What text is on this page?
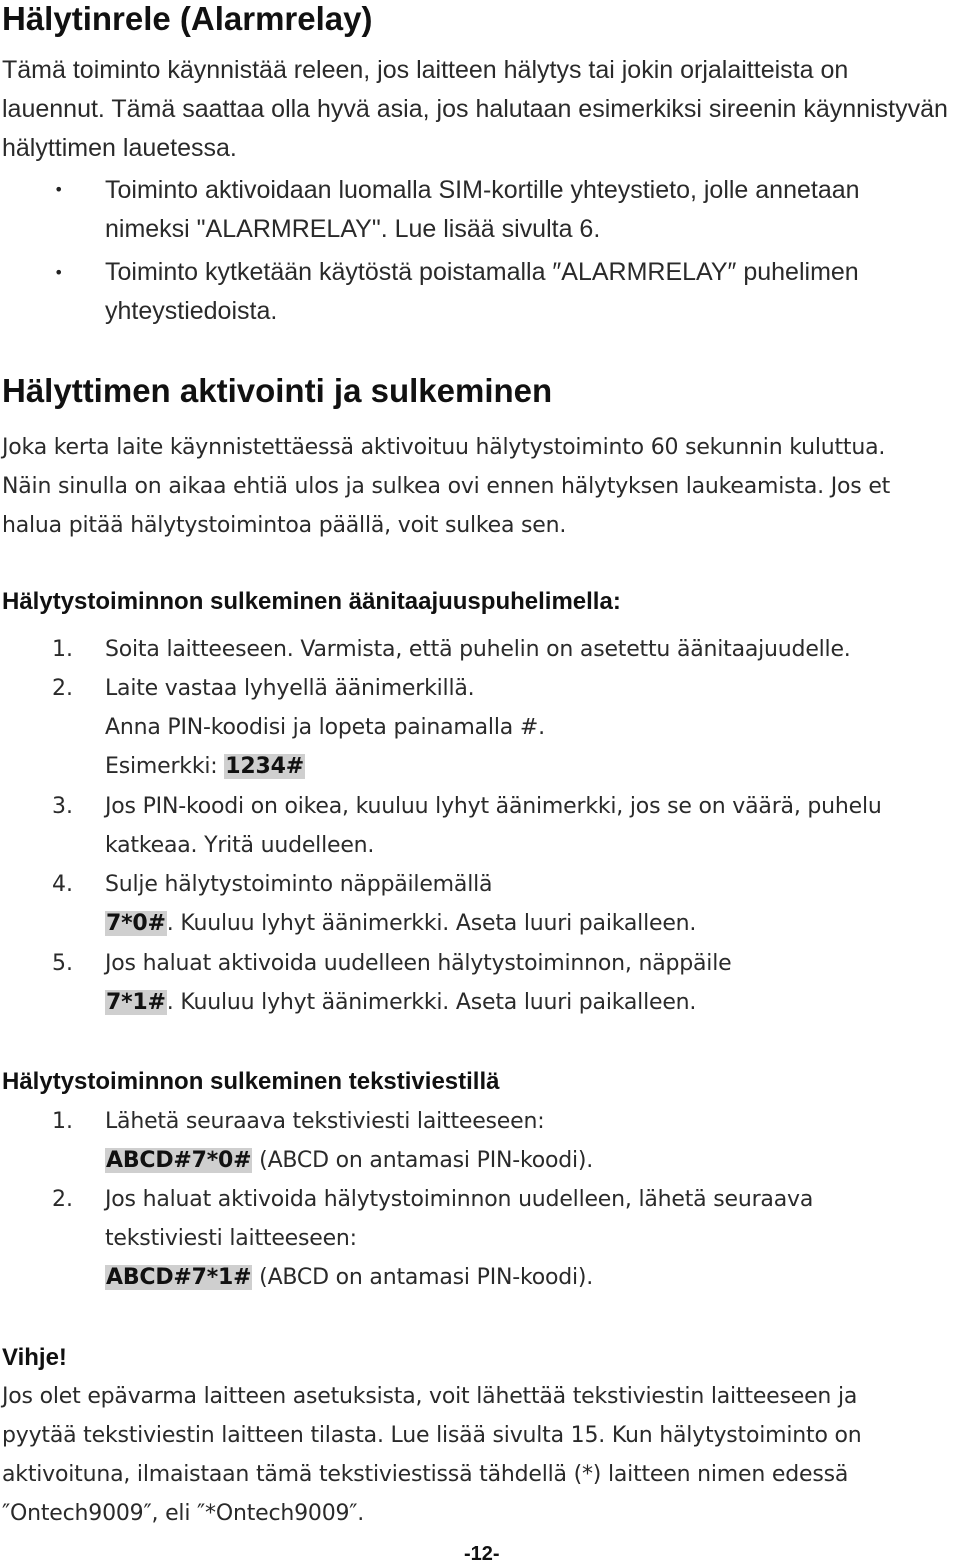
Hälytinrele (Alarmrelay)
Tämä toiminto käynnistää releen, jos laitteen hälytys tai jokin orjalaitteista on
lauennut. Tämä saattaa olla hyvä asia, jos halutaan esimerkiksi sireenin käynnistyvän
hälyttimen lauetessa.
• Toiminto aktivoidaan luomalla SIM-kortille yhteystieto, jolle annetaan
nimeksi "ALARMRELAY". Lue lisää sivulta 6.
• Toiminto kytketään käytöstä poistamalla ″ALARMRELAY″ puhelimen
yhteystiedoista.
Hälyttimen aktivointi ja sulkeminen
Joka kerta laite käynnistettäessä aktivoituu hälytystoiminto 60 sekunnin kuluttua.
Näin sinulla on aikaa ehtiä ulos ja sulkea ovi ennen hälytyksen laukeamista. Jos et
halua pitää hälytystoimintoa päällä, voit sulkea sen.
Hälytystoiminnon sulkeminen äänitaajuuspuhelimella:
1. Soita laitteeseen. Varmista, että puhelin on asetettu äänitaajuudelle.
2. Laite vastaa lyhyellä äänimerkillä.
Anna PIN-koodisi ja lopeta painamalla #.
Esimerkki: 1234#
3. Jos PIN-koodi on oikea, kuuluu lyhyt äänimerkki, jos se on väärä, puhelu
katkeaa. Yritä uudelleen.
4. Sulje hälytystoiminto näppäilemällä
7*0#. Kuuluu lyhyt äänimerkki. Aseta luuri paikalleen.
5. Jos haluat aktivoida uudelleen hälytystoiminnon, näppäile
7*1#. Kuuluu lyhyt äänimerkki. Aseta luuri paikalleen.
Hälytystoiminnon sulkeminen tekstiviestillä
1. Lähetä seuraava tekstiviesti laitteeseen:
ABCD#7*0# (ABCD on antamasi PIN-koodi).
2. Jos haluat aktivoida hälytystoiminnon uudelleen, lähetä seuraava
tekstiviesti laitteeseen:
ABCD#7*1# (ABCD on antamasi PIN-koodi).
Vihje!
Jos olet epävarma laitteen asetuksista, voit lähettää tekstiviestin laitteeseen ja
pyytää tekstiviestin laitteen tilasta. Lue lisää sivulta 15. Kun hälytystoiminto on
aktivoituna, ilmaistaan tämä tekstiviestissä tähdellä (*) laitteen nimen edessä
″Ontech9009″, eli ″*Ontech9009″.
-12-
